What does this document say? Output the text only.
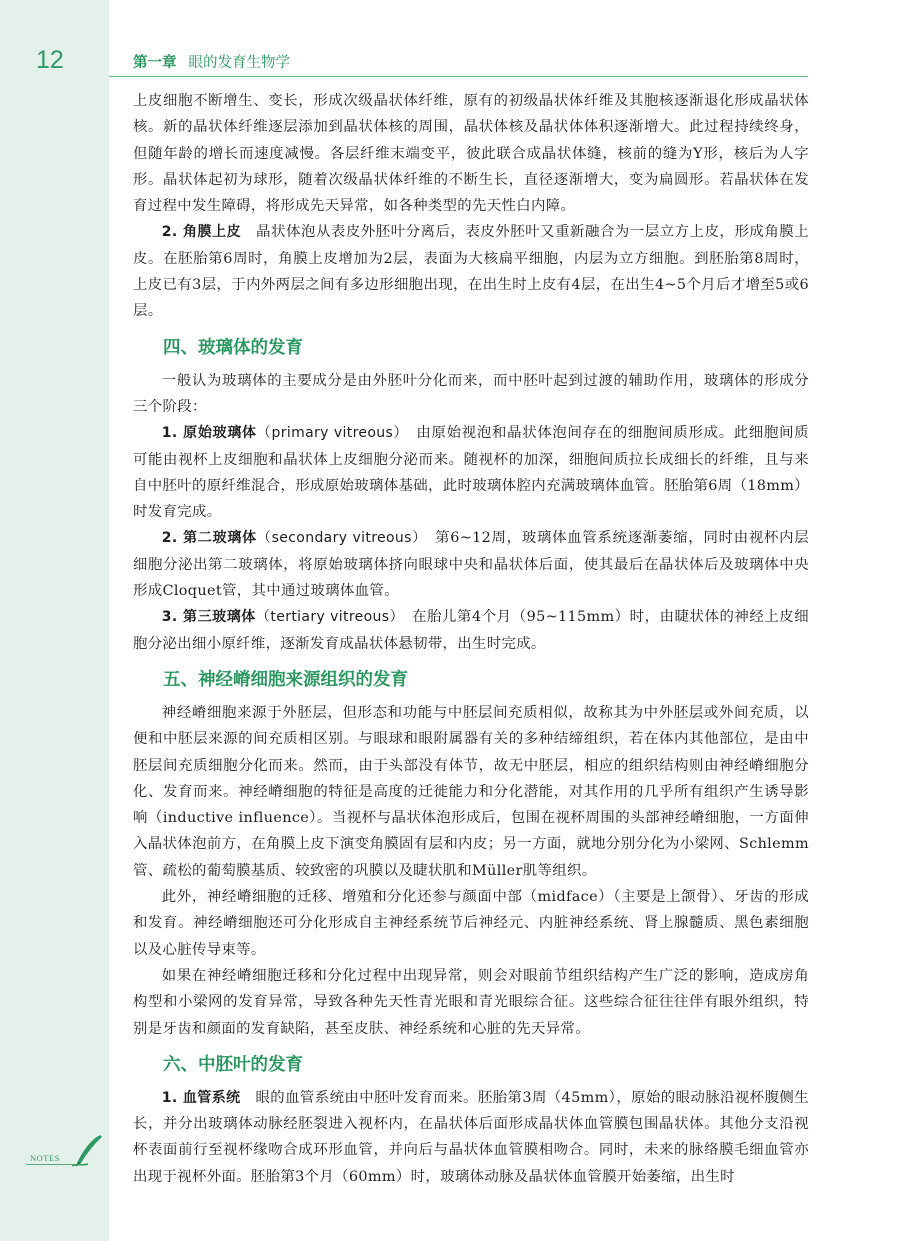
12	第一章 眼的发育生物学
NOTES

上皮细胞不断增生、变长，形成次级晶状体纤维，原有的初级晶状体纤维及其胞核逐渐退化形成晶状体核。新的晶状体纤维逐层添加到晶状体核的周围，晶状体核及晶状体体积逐渐增大。此过程持续终身，但随年龄的增长而速度减慢。各层纤维末端变平，彼此联合成晶状体缝，核前的缝为Y形，核后为人字形。晶状体起初为球形，随着次级晶状体纤维的不断生长，直径逐渐增大，变为扁圆形。若晶状体在发育过程中发生障碍，将形成先天异常，如各种类型的先天性白内障。

2. 角膜上皮　 晶状体泡从表皮外胚叶分离后，表皮外胚叶又重新融合为一层立方上皮，形成角膜上皮。在胚胎第6周时，角膜上皮增加为2层，表面为大核扁平细胞，内层为立方细胞。到胚胎第8周时，上皮已有3层，于内外两层之间有多边形细胞出现，在出生时上皮有4层，在出生4~5个月后才增至5或6层。

四、玻璃体的发育

一般认为玻璃体的主要成分是由外胚叶分化而来，而中胚叶起到过渡的辅助作用，玻璃体的形成分三个阶段：

1. 原始玻璃体（primary vitreous）　 由原始视泡和晶状体泡间存在的细胞间质形成。此细胞间质可能由视杯上皮细胞和晶状体上皮细胞分泌而来。随视杯的加深，细胞间质拉长成细长的纤维，且与来自中胚叶的原纤维混合，形成原始玻璃体基础，此时玻璃体腔内充满玻璃体血管。胚胎第6周（18mm）时发育完成。

2. 第二玻璃体（secondary vitreous）　 第6~12周，玻璃体血管系统逐渐萎缩，同时由视杯内层细胞分泌出第二玻璃体，将原始玻璃体挤向眼球中央和晶状体后面，使其最后在晶状体后及玻璃体中央形成Cloquet管，其中通过玻璃体血管。

3. 第三玻璃体（tertiary vitreous）　 在胎儿第4个月（95~115mm）时，由睫状体的神经上皮细胞分泌出细小原纤维，逐渐发育成晶状体悬韧带，出生时完成。

五、神经嵴细胞来源组织的发育

神经嵴细胞来源于外胚层，但形态和功能与中胚层间充质相似，故称其为中外胚层或外间充质，以便和中胚层来源的间充质相区别。与眼球和眼附属器有关的多种结缔组织，若在体内其他部位，是由中胚层间充质细胞分化而来。然而，由于头部没有体节，故无中胚层，相应的组织结构则由神经嵴细胞分化、发育而来。神经嵴细胞的特征是高度的迁徙能力和分化潜能，对其作用的几乎所有组织产生诱导影响（inductive influence）。当视杯与晶状体泡形成后，包围在视杯周围的头部神经嵴细胞，一方面伸入晶状体泡前方，在角膜上皮下演变角膜固有层和内皮；另一方面，就地分别分化为小梁网、Schlemm管、疏松的葡萄膜基质、较致密的巩膜以及睫状肌和Müller肌等组织。

此外，神经嵴细胞的迁移、增殖和分化还参与颜面中部（midface）（主要是上颌骨）、牙齿的形成和发育。神经嵴细胞还可分化形成自主神经系统节后神经元、内脏神经系统、肾上腺髓质、黑色素细胞以及心脏传导束等。

如果在神经嵴细胞迁移和分化过程中出现异常，则会对眼前节组织结构产生广泛的影响，造成房角构型和小梁网的发育异常，导致各种先天性青光眼和青光眼综合征。这些综合征往往伴有眼外组织，特别是牙齿和颜面的发育缺陷，甚至皮肤、神经系统和心脏的先天异常。

六、中胚叶的发育

1. 血管系统　 眼的血管系统由中胚叶发育而来。胚胎第3周（45mm），原始的眼动脉沿视杯腹侧生长，并分出玻璃体动脉经胚裂进入视杯内，在晶状体后面形成晶状体血管膜包围晶状体。其他分支沿视杯表面前行至视杯缘吻合成环形血管，并向后与晶状体血管膜相吻合。同时，未来的脉络膜毛细血管亦出现于视杯外面。胚胎第3个月（60mm）时，玻璃体动脉及晶状体血管膜开始萎缩，出生时
